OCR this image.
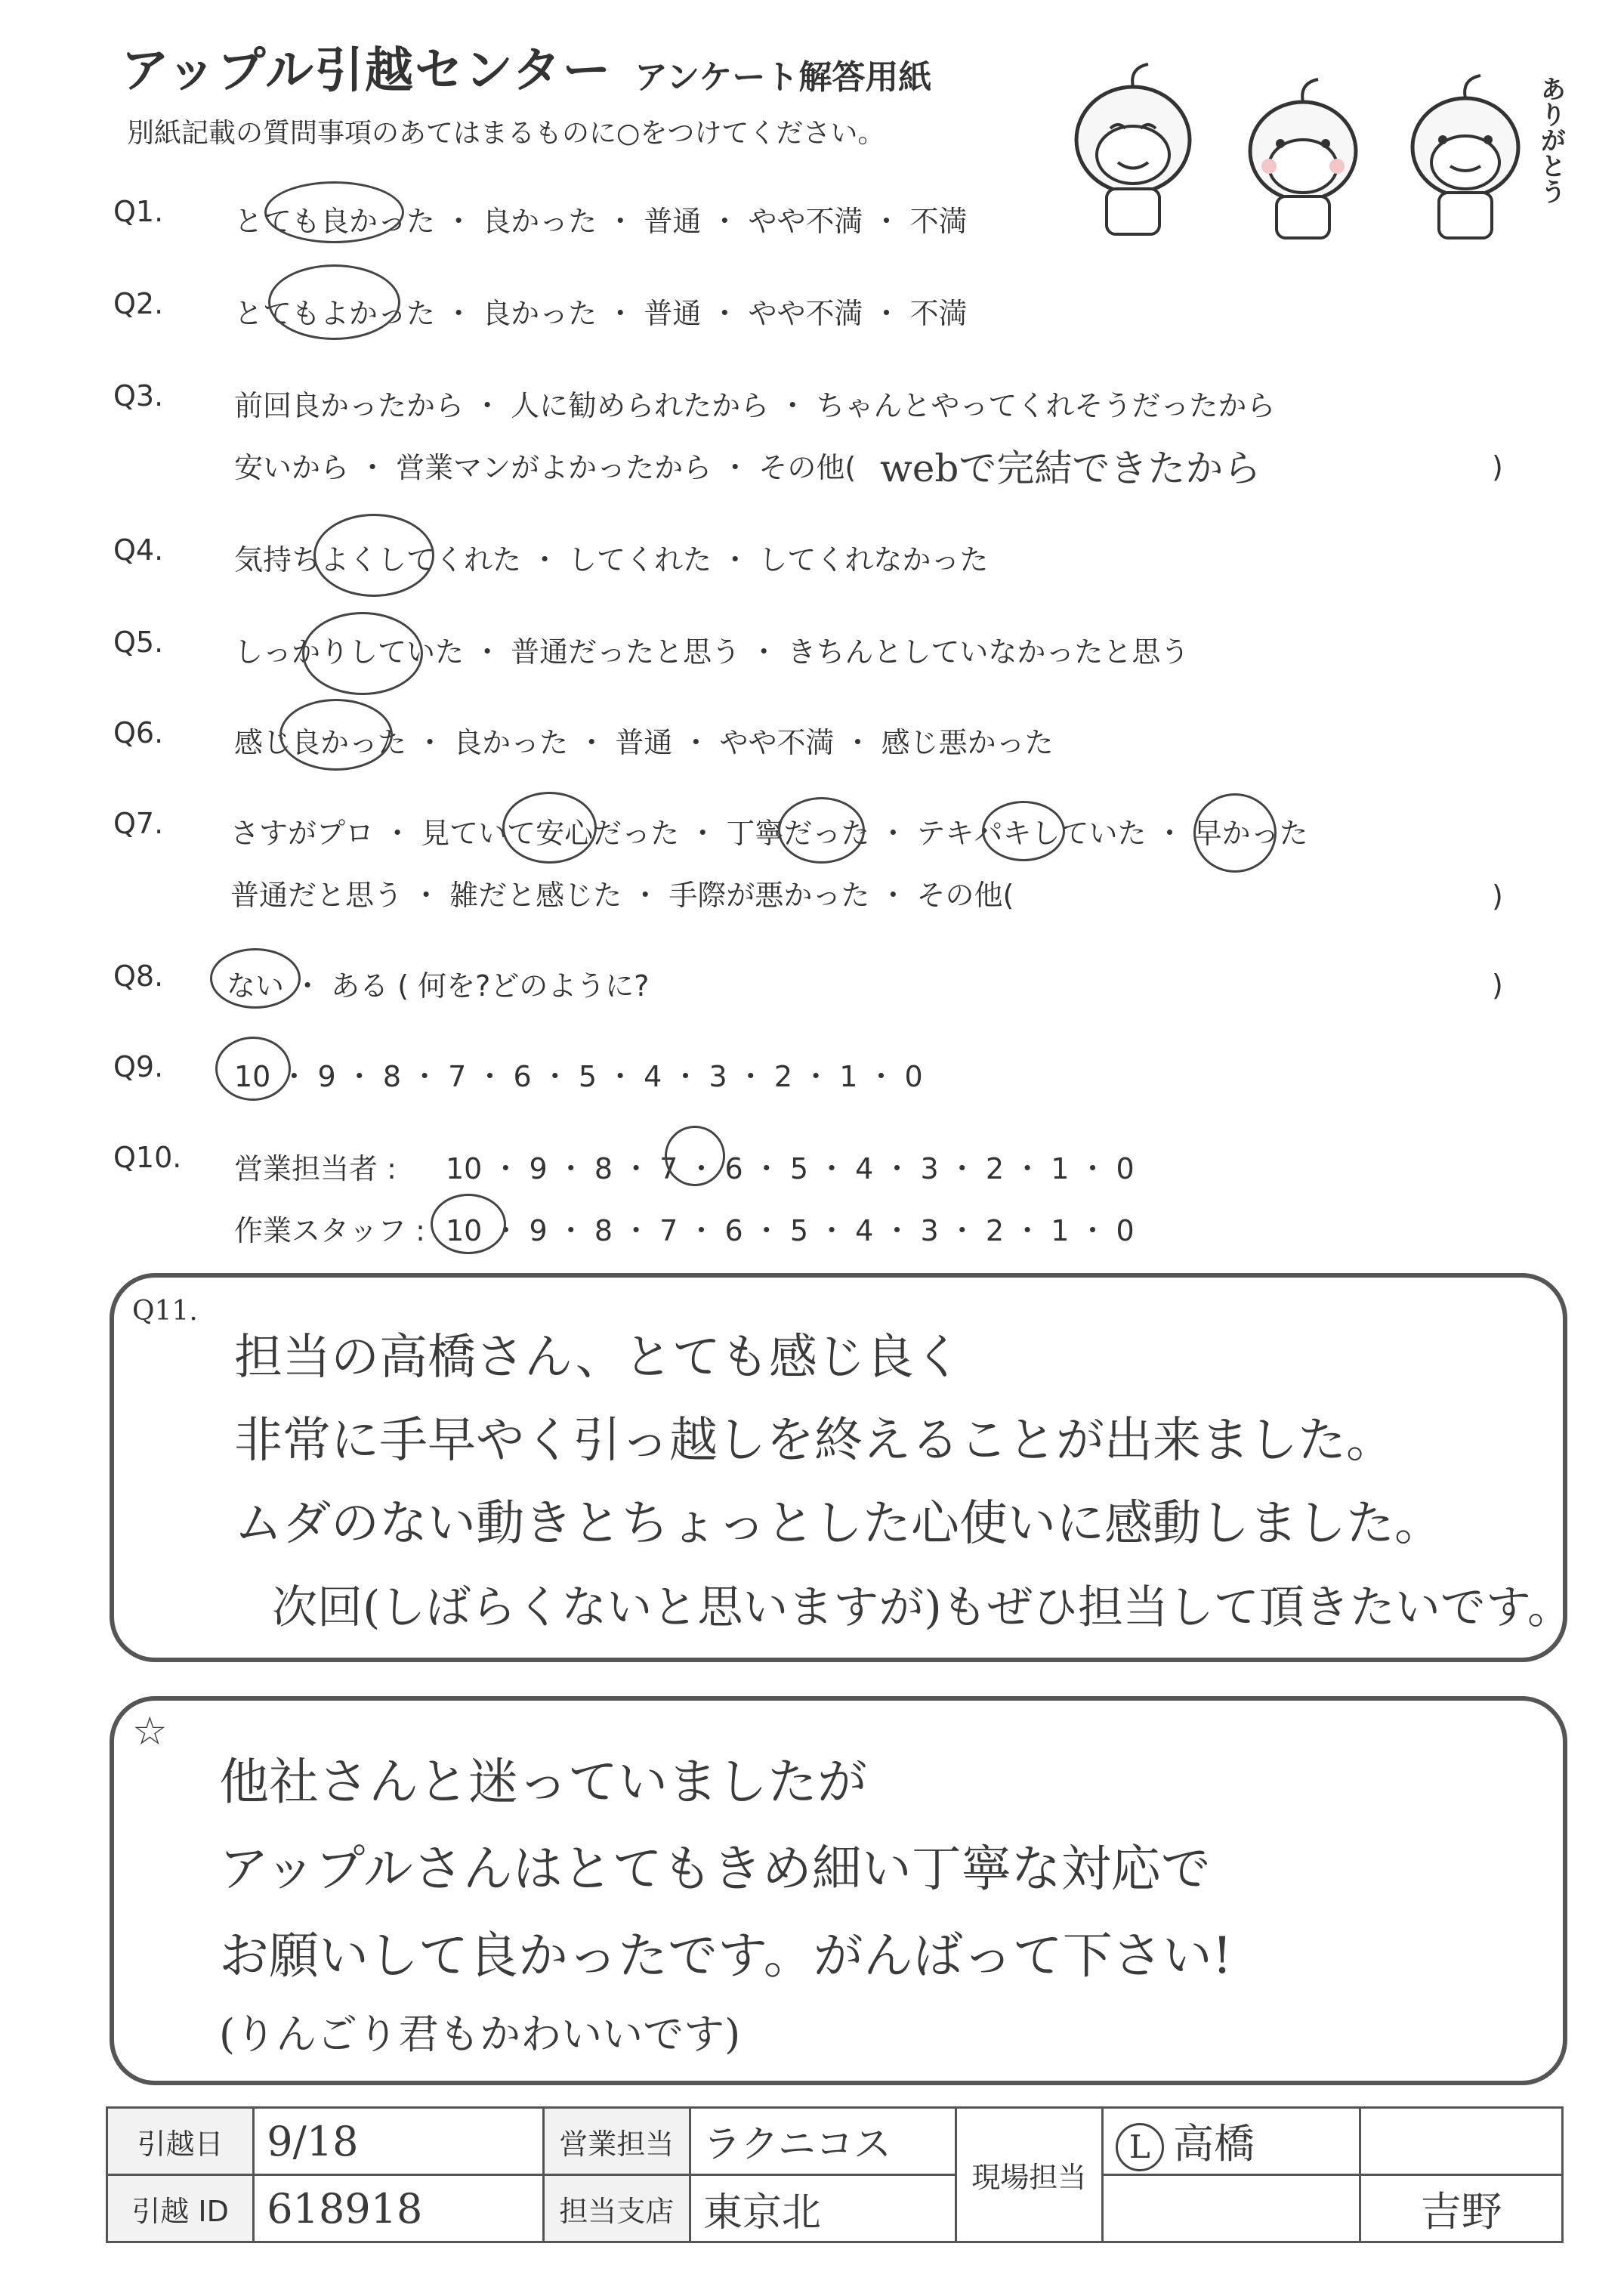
アップル引越センター アンケート解答用紙
別紙記載の質問事項のあてはまるものに○をつけてください。	ありがとう
Q1. とても良かった ・ 良かった ・ 普通 ・ やや不満 ・ 不満
Q2. とてもよかった ・ 良かった ・ 普通 ・ やや不満 ・ 不満
Q3. 前回良かったから ・ 人に勧められたから ・ ちゃんとやってくれそうだったから
安いから ・ 営業マンがよかったから ・ その他( webで完結できたから	)
Q4. 気持ちよくしてくれた ・ してくれた ・ してくれなかった
Q5. しっかりしていた ・ 普通だったと思う ・ きちんとしていなかったと思う
Q6. 感じ良かった ・ 良かった ・ 普通 ・ やや不満 ・ 感じ悪かった
Q7. さすがプロ ・ 見ていて安心だった ・ 丁寧だった ・ テキパキしていた ・ 早かった
普通だと思う ・ 雑だと感じた ・ 手際が悪かった ・ その他(	)
Q8. ない ・ ある ( 何を?どのように?	)
Q9. 10 ・ 9 ・ 8 ・ 7 ・ 6 ・ 5 ・ 4 ・ 3 ・ 2 ・ 1 ・ 0
Q10. 営業担当者 : 10 ・ 9 ・ 8 ・ 7 ・ 6 ・ 5 ・ 4 ・ 3 ・ 2 ・ 1 ・ 0
作業スタッフ : 10 ・ 9 ・ 8 ・ 7 ・ 6 ・ 5 ・ 4 ・ 3 ・ 2 ・ 1 ・ 0
Q11.
担当の高橋さん、とても感じ良く
非常に手早やく引っ越しを終えることが出来ました。
ムダのない動きとちょっとした心使いに感動しました。
次回(しばらくないと思いますが)もぜひ担当して頂きたいです。
☆
他社さんと迷っていましたが
アップルさんはとてもきめ細い丁寧な対応で
お願いして良かったです。がんばって下さい!
(りんごり君もかわいいです)
引越日	9/18	営業担当	ラクニコス	現場担当	L 高橋	
引越 ID	618918	担当支店	東京北			吉野
